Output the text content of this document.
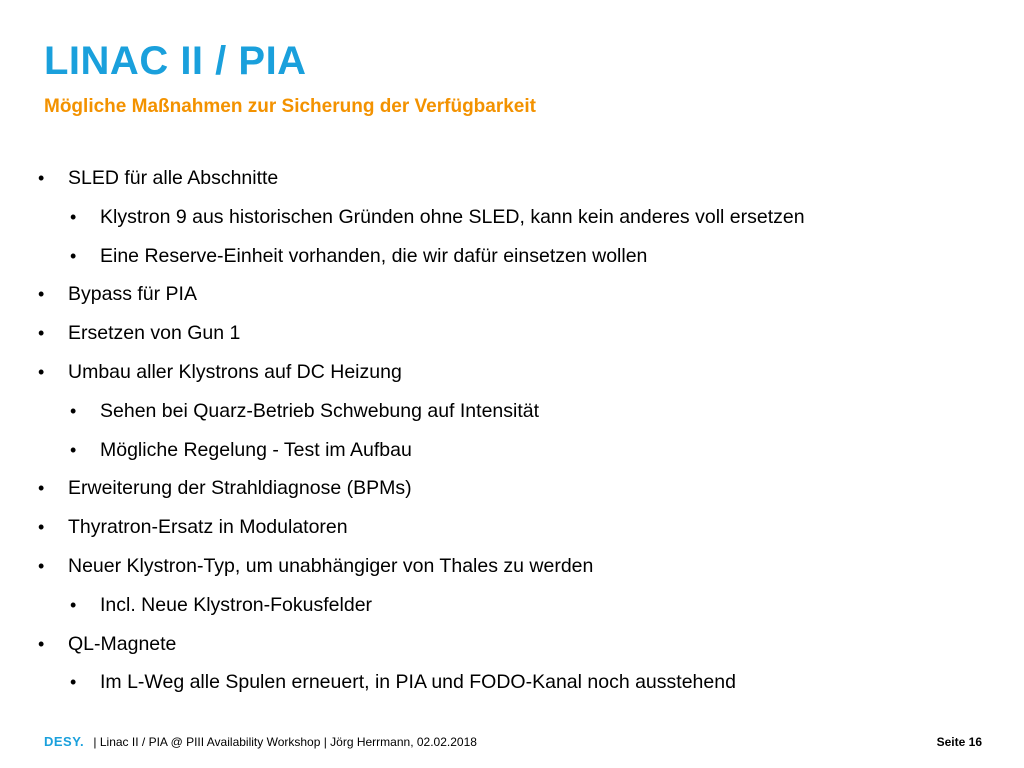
LINAC II / PIA
Mögliche Maßnahmen zur Sicherung der Verfügbarkeit
• SLED für alle Abschnitte
• Klystron 9 aus historischen Gründen ohne SLED, kann kein anderes voll ersetzen
• Eine Reserve-Einheit vorhanden, die wir dafür einsetzen wollen
• Bypass für PIA
• Ersetzen von Gun 1
• Umbau aller Klystrons auf DC Heizung
• Sehen bei Quarz-Betrieb Schwebung auf Intensität
• Mögliche Regelung - Test im Aufbau
• Erweiterung der Strahldiagnose (BPMs)
• Thyratron-Ersatz in Modulatoren
• Neuer Klystron-Typ, um unabhängiger von Thales zu werden
• Incl. Neue Klystron-Fokusfelder
• QL-Magnete
• Im L-Weg alle Spulen erneuert, in PIA und FODO-Kanal noch ausstehend
DESY. | Linac II / PIA @ PIII Availability Workshop | Jörg Herrmann, 02.02.2018	Seite 16
